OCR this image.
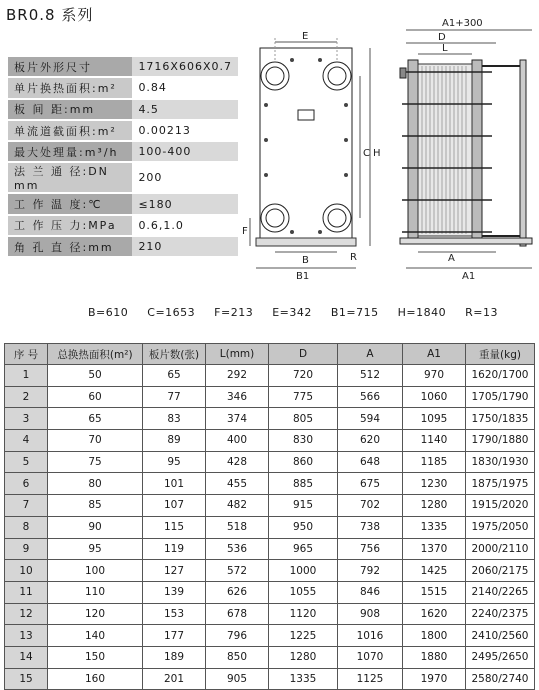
BR0.8 系列
板片外形尺寸	1716X606X0.7
单片换热面积:m²	0.84
板 间 距:mm	4.5
单流道截面积:m²	0.00213
最大处理量:m³/h	100-400
法 兰 通 径:DN mm	200
工 作 温 度:℃	≤180
工 作 压 力:MPa	0.6,1.0
角 孔 直 径:mm	210
E
C H
F
B
B1
R
A1+300
D
L
A
A1
B=610 C=1653 F=213 E=342 B1=715 H=1840 R=13
序 号	总换热面积(m²)	板片数(张)	L(mm)	D	A	A1	重量(kg)
1	50	65	292	720	512	970	1620/1700
2	60	77	346	775	566	1060	1705/1790
3	65	83	374	805	594	1095	1750/1835
4	70	89	400	830	620	1140	1790/1880
5	75	95	428	860	648	1185	1830/1930
6	80	101	455	885	675	1230	1875/1975
7	85	107	482	915	702	1280	1915/2020
8	90	115	518	950	738	1335	1975/2050
9	95	119	536	965	756	1370	2000/2110
10	100	127	572	1000	792	1425	2060/2175
11	110	139	626	1055	846	1515	2140/2265
12	120	153	678	1120	908	1620	2240/2375
13	140	177	796	1225	1016	1800	2410/2560
14	150	189	850	1280	1070	1880	2495/2650
15	160	201	905	1335	1125	1970	2580/2740
